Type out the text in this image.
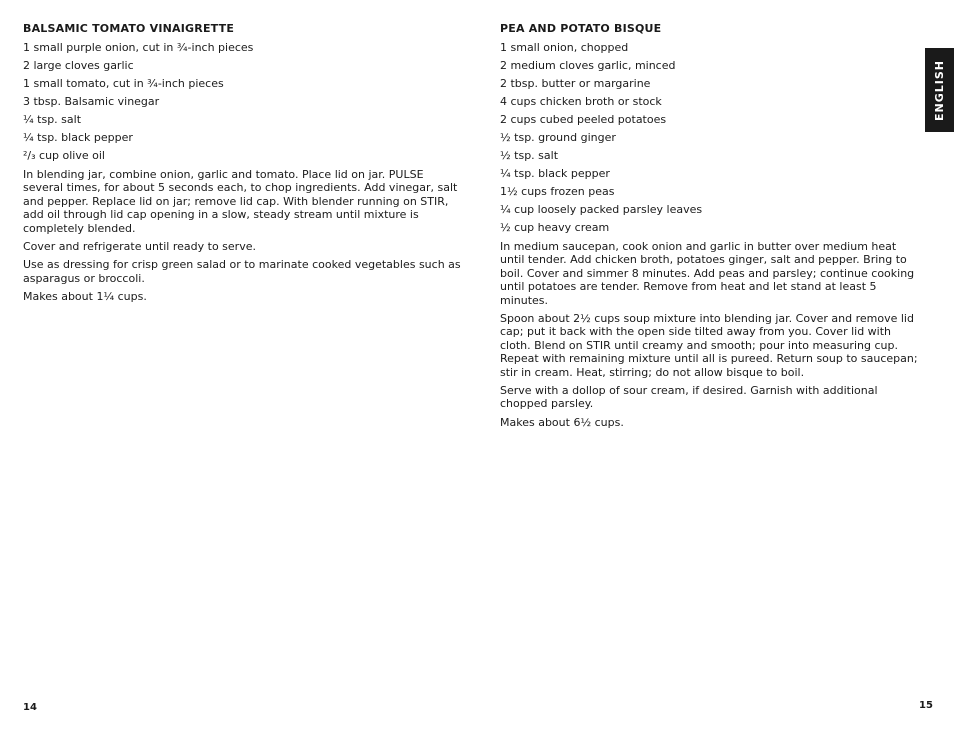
BALSAMIC TOMATO VINAIGRETTE
1 small purple onion, cut in ¾-inch pieces
2 large cloves garlic
1 small tomato, cut in ¾-inch pieces
3 tbsp. Balsamic vinegar
¼ tsp. salt
¼ tsp. black pepper
²/₃ cup olive oil

In blending jar, combine onion, garlic and tomato. Place lid on jar. PULSE several times, for about 5 seconds each, to chop ingredients. Add vinegar, salt and pepper. Replace lid on jar; remove lid cap. With blender running on STIR, add oil through lid cap opening in a slow, steady stream until mixture is completely blended.

Cover and refrigerate until ready to serve.

Use as dressing for crisp green salad or to marinate cooked vegetables such as asparagus or broccoli.

Makes about 1¼ cups.

PEA AND POTATO BISQUE
1 small onion, chopped
2 medium cloves garlic, minced
2 tbsp. butter or margarine
4 cups chicken broth or stock
2 cups cubed peeled potatoes
½ tsp. ground ginger
½ tsp. salt
¼ tsp. black pepper
1½ cups frozen peas
¼ cup loosely packed parsley leaves
½ cup heavy cream

In medium saucepan, cook onion and garlic in butter over medium heat until tender. Add chicken broth, potatoes ginger, salt and pepper. Bring to boil. Cover and simmer 8 minutes. Add peas and parsley; continue cooking until potatoes are tender. Remove from heat and let stand at least 5 minutes.

Spoon about 2½ cups soup mixture into blending jar. Cover and remove lid cap; put it back with the open side tilted away from you. Cover lid with cloth. Blend on STIR until creamy and smooth; pour into measuring cup. Repeat with remaining mixture until all is pureed. Return soup to saucepan; stir in cream. Heat, stirring; do not allow bisque to boil.

Serve with a dollop of sour cream, if desired. Garnish with additional chopped parsley.

Makes about 6½ cups.

ENGLISH
14	15
